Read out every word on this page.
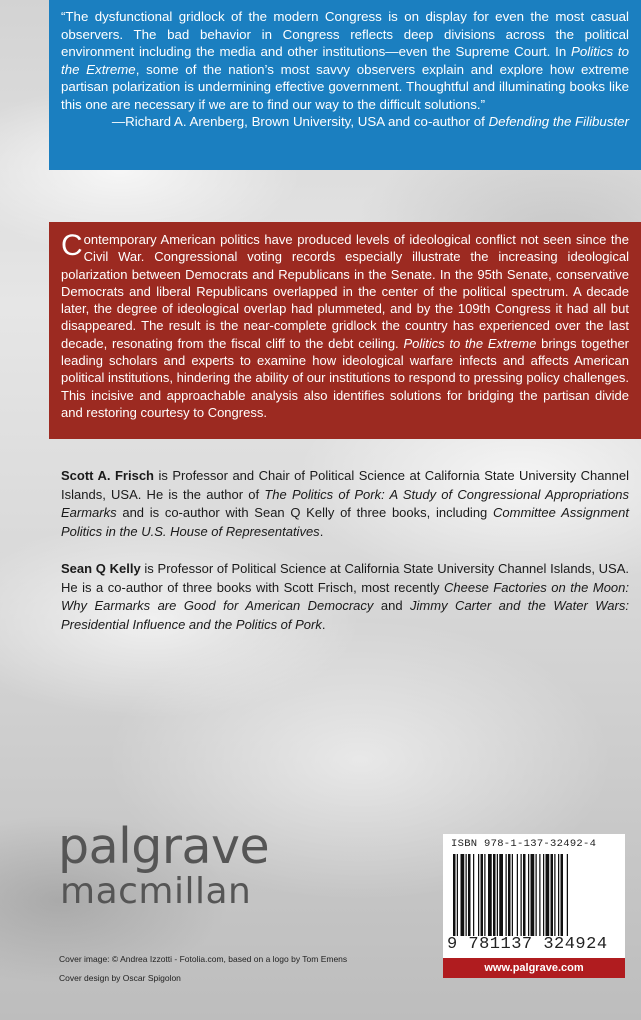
“The dysfunctional gridlock of the modern Congress is on display for even the most casual observers. The bad behavior in Congress reflects deep divisions across the political environment including the media and other institutions—even the Supreme Court. In Politics to the Extreme, some of the nation’s most savvy observers explain and explore how extreme partisan polarization is undermining effective government. Thoughtful and illuminating books like this one are necessary if we are to find our way to the difficult solutions.”

—Richard A. Arenberg, Brown University, USA and co-author of Defending the Filibuster

Contemporary American politics have produced levels of ideological conflict not seen since the Civil War. Congressional voting records especially illustrate the increasing ideological polarization between Democrats and Republicans in the Senate. In the 95th Senate, conservative Democrats and liberal Republicans overlapped in the center of the political spectrum. A decade later, the degree of ideological overlap had plummeted, and by the 109th Congress it had all but disappeared. The result is the near-complete gridlock the country has experienced over the last decade, resonating from the fiscal cliff to the debt ceiling. Politics to the Extreme brings together leading scholars and experts to examine how ideological warfare infects and affects American political institutions, hindering the ability of our institutions to respond to pressing policy challenges. This incisive and approachable analysis also identifies solutions for bridging the partisan divide and restoring courtesy to Congress.

Scott A. Frisch is Professor and Chair of Political Science at California State University Channel Islands, USA. He is the author of The Politics of Pork: A Study of Congressional Appropriations Earmarks and is co-author with Sean Q Kelly of three books, including Committee Assignment Politics in the U.S. House of Representatives.

Sean Q Kelly is Professor of Political Science at California State University Channel Islands, USA. He is a co-author of three books with Scott Frisch, most recently Cheese Factories on the Moon: Why Earmarks are Good for American Democracy and Jimmy Carter and the Water Wars: Presidential Influence and the Politics of Pork.

palgrave
macmillan
Cover image: © Andrea Izzotti - Fotolia.com, based on a logo by Tom Emens
Cover design by Oscar Spigolon
ISBN 978-1-137-32492-4
9 781137 324924
www.palgrave.com
